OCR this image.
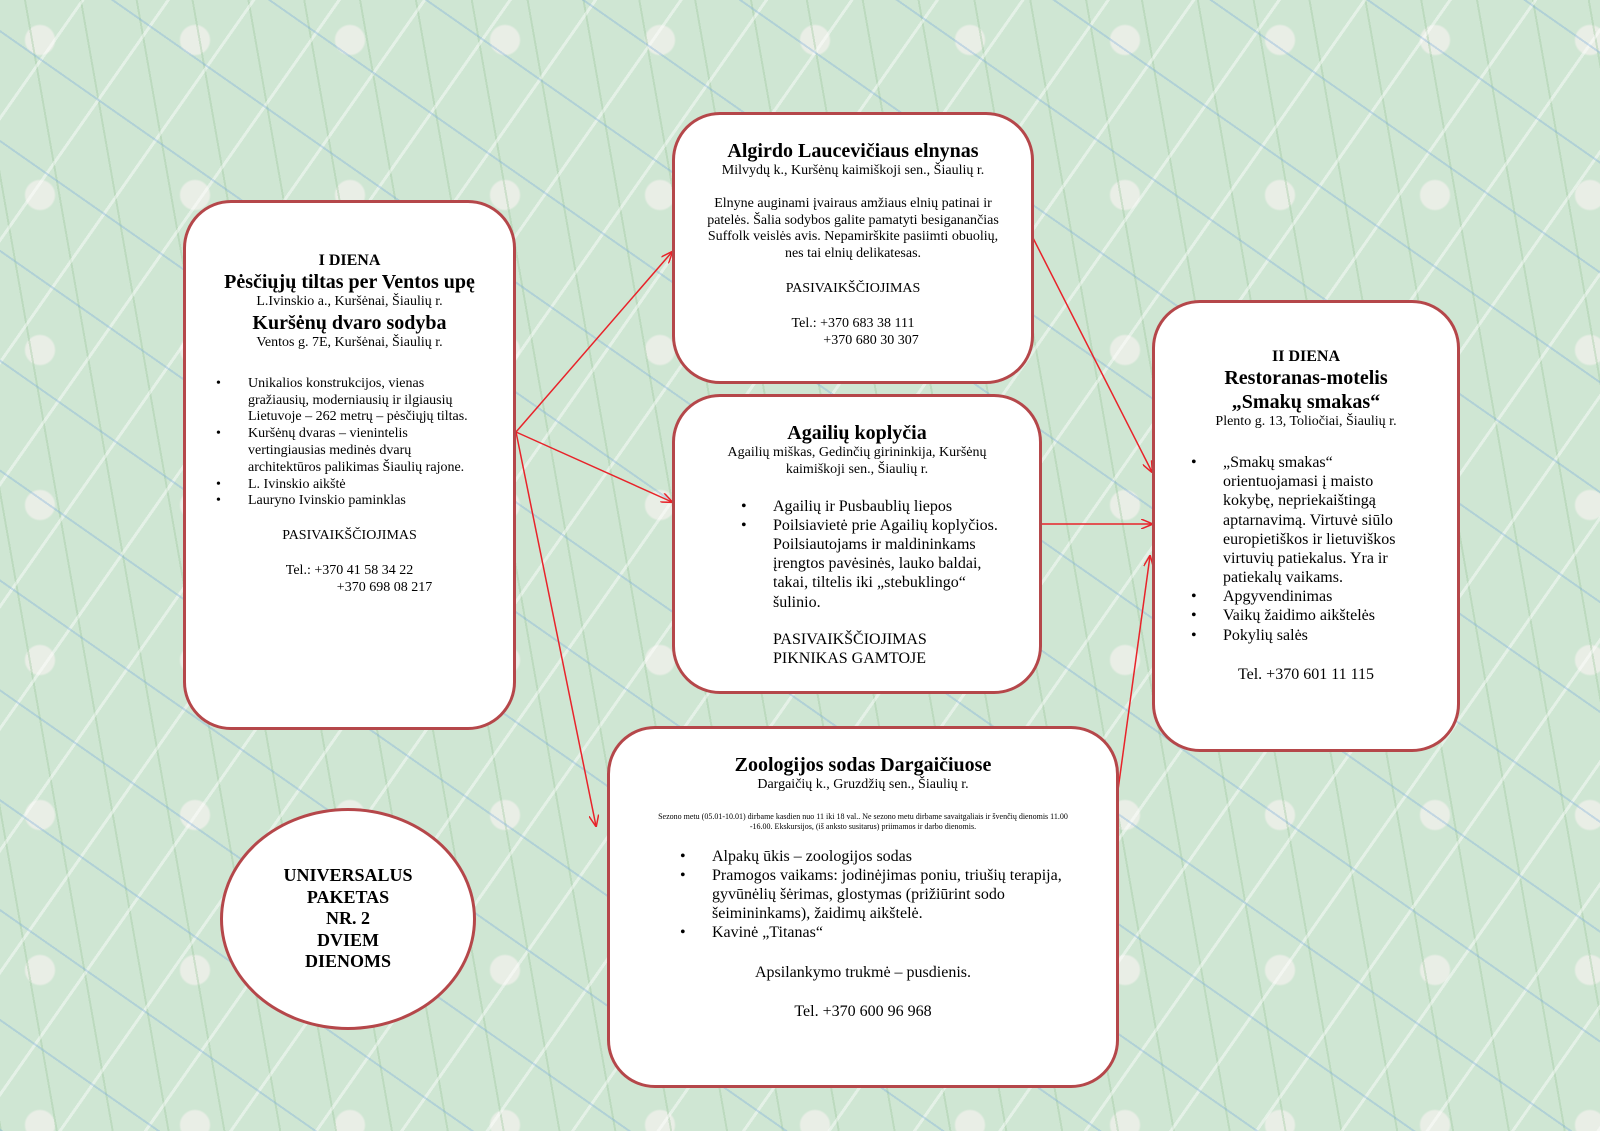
I DIENA
Pėsčiųjų tiltas per Ventos upę
L.Ivinskio a., Kuršėnai, Šiaulių r.
Kuršėnų dvaro sodyba
Ventos g. 7E, Kuršėnai, Šiaulių r.
• Unikalios konstrukcijos, vienas gražiausių, moderniausių ir ilgiausių Lietuvoje – 262 metrų – pėsčiųjų tiltas.
• Kuršėnų dvaras – vienintelis vertingiausias medinės dvarų architektūros palikimas Šiaulių rajone.
• L. Ivinskio aikštė
• Lauryno Ivinskio paminklas
PASIVAIKŠČIOJIMAS
Tel.: +370 41 58 34 22
+370 698 08 217
Algirdo Laucevičiaus elnynas
Milvydų k., Kuršėnų kaimiškoji sen., Šiaulių r.
Elnyne auginami įvairaus amžiaus elnių patinai ir patelės. Šalia sodybos galite pamatyti besiganančias Suffolk veislės avis. Nepamirškite pasiimti obuolių, nes tai elnių delikatesas.
PASIVAIKŠČIOJIMAS
Tel.: +370 683 38 111
+370 680 30 307
Agailių koplyčia
Agailių miškas, Gedinčių girininkija, Kuršėnų kaimiškoji sen., Šiaulių r.
• Agailių ir Pusbaublių liepos
• Poilsiavietė prie Agailių koplyčios. Poilsiautojams ir maldininkams įrengtos pavėsinės, lauko baldai, takai, tiltelis iki „stebuklingo“ šulinio.
PASIVAIKŠČIOJIMAS
PIKNIKAS GAMTOJE
Zoologijos sodas Dargaičiuose
Dargaičių k., Gruzdžių sen., Šiaulių r.
Sezono metu (05.01-10.01) dirbame kasdien nuo 11 iki 18 val.. Ne sezono metu dirbame savaitgaliais ir švenčių dienomis 11.00 -16.00. Ekskursijos, (iš anksto susitarus) priimamos ir darbo dienomis.
• Alpakų ūkis – zoologijos sodas
• Pramogos vaikams: jodinėjimas poniu, triušių terapija, gyvūnėlių šėrimas, glostymas (prižiūrint sodo šeimininkams), žaidimų aikštelė.
• Kavinė „Titanas“
Apsilankymo trukmė – pusdienis.
Tel. +370 600 96 968
II DIENA
Restoranas-motelis
„Smakų smakas“
Plento g. 13, Toliočiai, Šiaulių r.
• „Smakų smakas“ orientuojamasi į maisto kokybę, nepriekaištingą aptarnavimą. Virtuvė siūlo europietiškos ir lietuviškos virtuvių patiekalus. Yra ir patiekalų vaikams.
• Apgyvendinimas
• Vaikų žaidimo aikštelės
• Pokylių salės
Tel. +370 601 11 115
UNIVERSALUS
PAKETAS
NR. 2
DVIEM
DIENOMS
